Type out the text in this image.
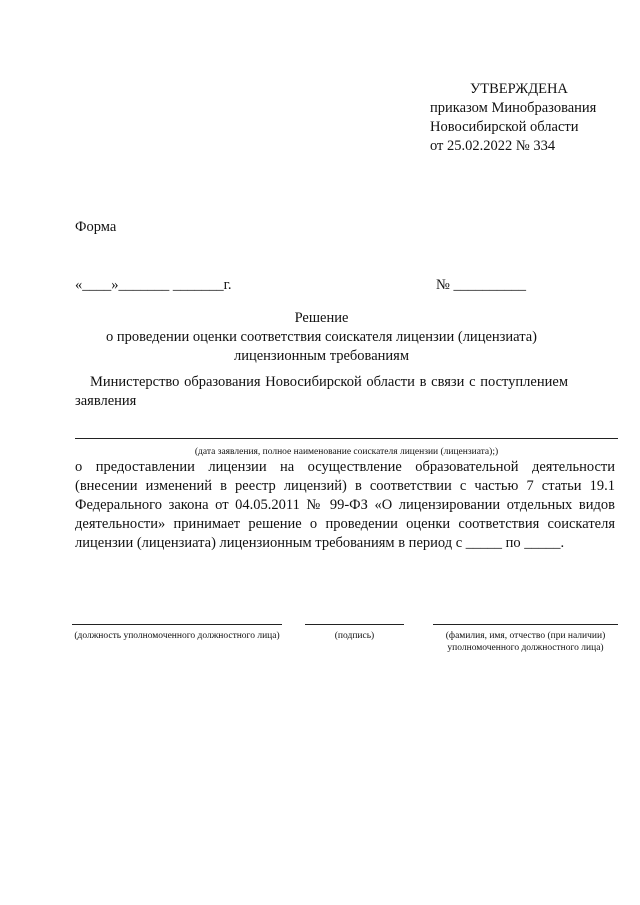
УТВЕРЖДЕНА
приказом Минобразования
Новосибирской области
от 25.02.2022 № 334
Форма
«____»_______ _______г.	№ __________
Решение
о проведении оценки соответствия соискателя лицензии (лицензиата)
лицензионным требованиям
Министерство образования Новосибирской области в связи с поступлением заявления
(дата заявления, полное наименование соискателя лицензии (лицензиата);)
о предоставлении лицензии на осуществление образовательной деятельности (внесении изменений в реестр лицензий) в соответствии с частью 7 статьи 19.1 Федерального закона от 04.05.2011 № 99-ФЗ «О лицензировании отдельных видов деятельности» принимает решение о проведении оценки соответствия соискателя лицензии (лицензиата) лицензионным требованиям в период с _____ по _____.
(должность уполномоченного должностного лица)	(подпись)	(фамилия, имя, отчество (при наличии) уполномоченного должностного лица)
